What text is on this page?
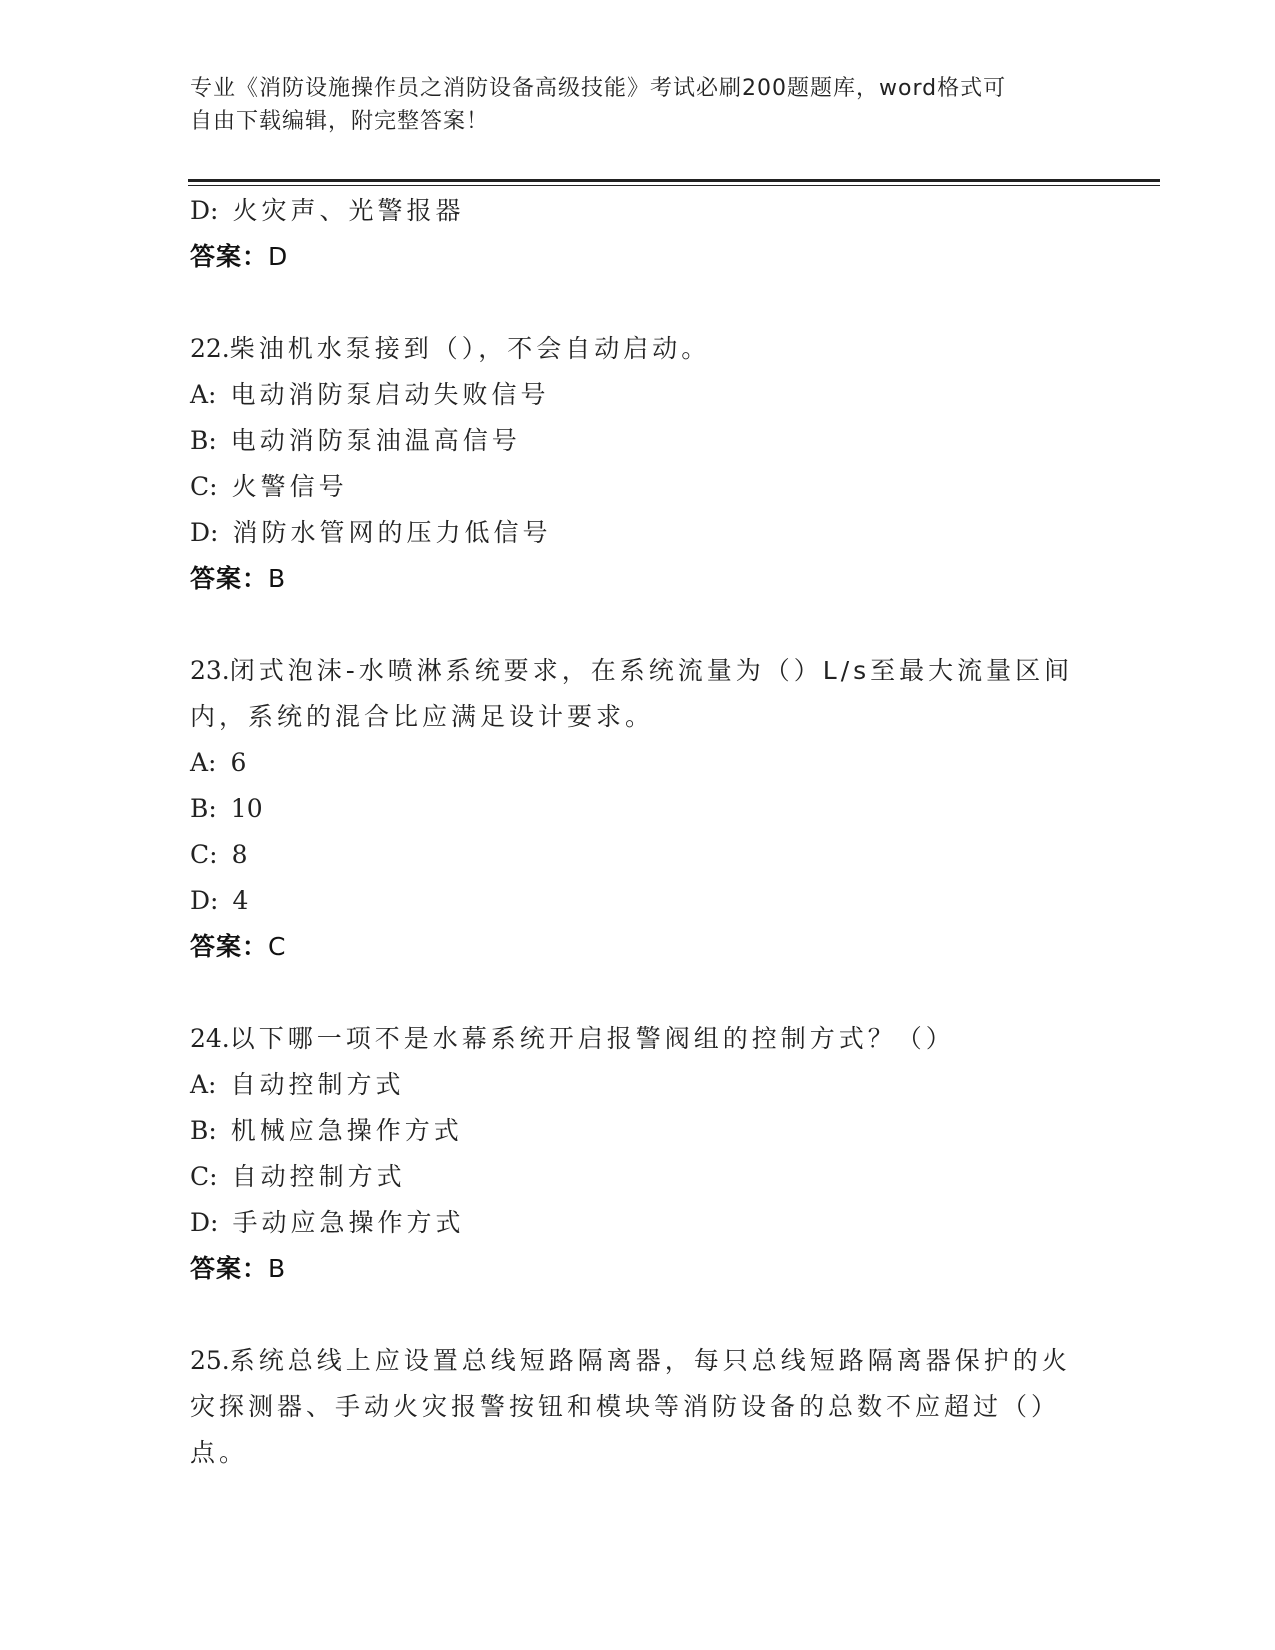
专业《消防设施操作员之消防设备高级技能》考试必刷200题题库，word格式可
自由下载编辑，附完整答案！
D: 火灾声、光警报器
答案：D
22.柴油机水泵接到（），不会自动启动。
A: 电动消防泵启动失败信号
B: 电动消防泵油温高信号
C: 火警信号
D: 消防水管网的压力低信号
答案：B
23.闭式泡沫-水喷淋系统要求，在系统流量为（）L/s至最大流量区间
内，系统的混合比应满足设计要求。
A: 6
B: 10
C: 8
D: 4
答案：C
24.以下哪一项不是水幕系统开启报警阀组的控制方式？（）
A: 自动控制方式
B: 机械应急操作方式
C: 自动控制方式
D: 手动应急操作方式
答案：B
25.系统总线上应设置总线短路隔离器，每只总线短路隔离器保护的火
灾探测器、手动火灾报警按钮和模块等消防设备的总数不应超过（）
点。
